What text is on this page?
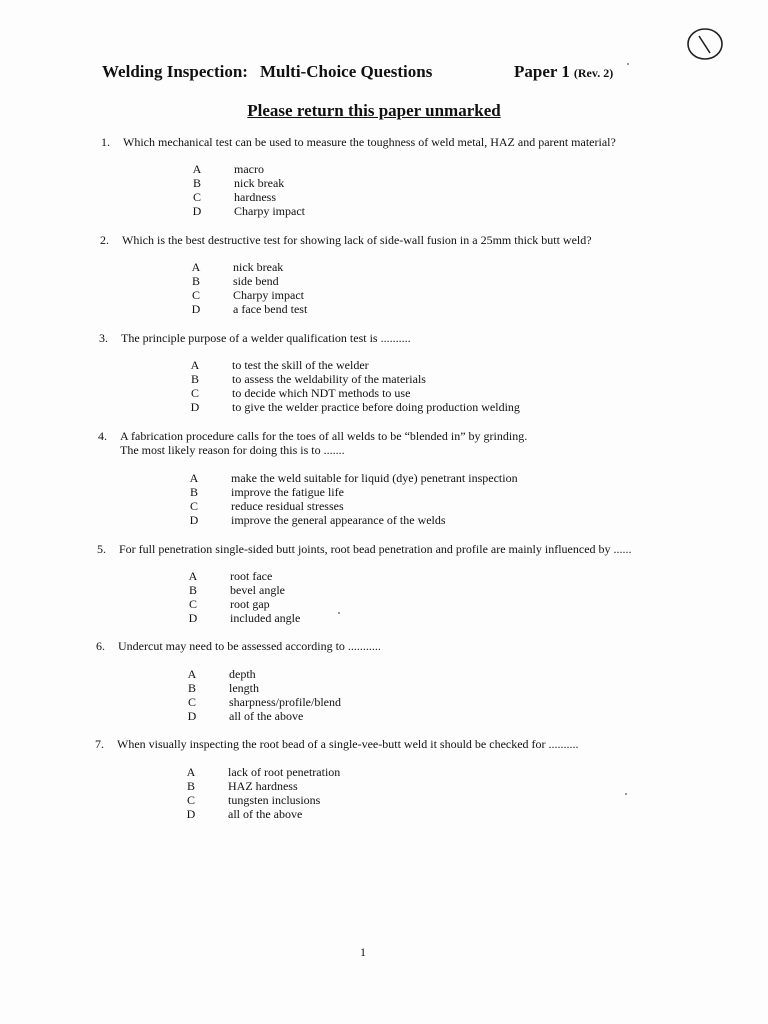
Welding Inspection: Multi-Choice Questions	Paper 1 (Rev. 2)
Please return this paper unmarked
1. Which mechanical test can be used to measure the toughness of weld metal, HAZ and parent material?
A	macro
B	nick break
C	hardness
D	Charpy impact
2. Which is the best destructive test for showing lack of side-wall fusion in a 25mm thick butt weld?
A	nick break
B	side bend
C	Charpy impact
D	a face bend test
3. The principle purpose of a welder qualification test is ..........
A	to test the skill of the welder
B	to assess the weldability of the materials
C	to decide which NDT methods to use
D	to give the welder practice before doing production welding
4. A fabrication procedure calls for the toes of all welds to be “blended in” by grinding.
The most likely reason for doing this is to .......
A	make the weld suitable for liquid (dye) penetrant inspection
B	improve the fatigue life
C	reduce residual stresses
D	improve the general appearance of the welds
5. For full penetration single-sided butt joints, root bead penetration and profile are mainly influenced by ......
A	root face
B	bevel angle
C	root gap
D	included angle
6. Undercut may need to be assessed according to ...........
A	depth
B	length
C	sharpness/profile/blend
D	all of the above
7. When visually inspecting the root bead of a single-vee-butt weld it should be checked for ..........
A	lack of root penetration
B	HAZ hardness
C	tungsten inclusions
D	all of the above
1
